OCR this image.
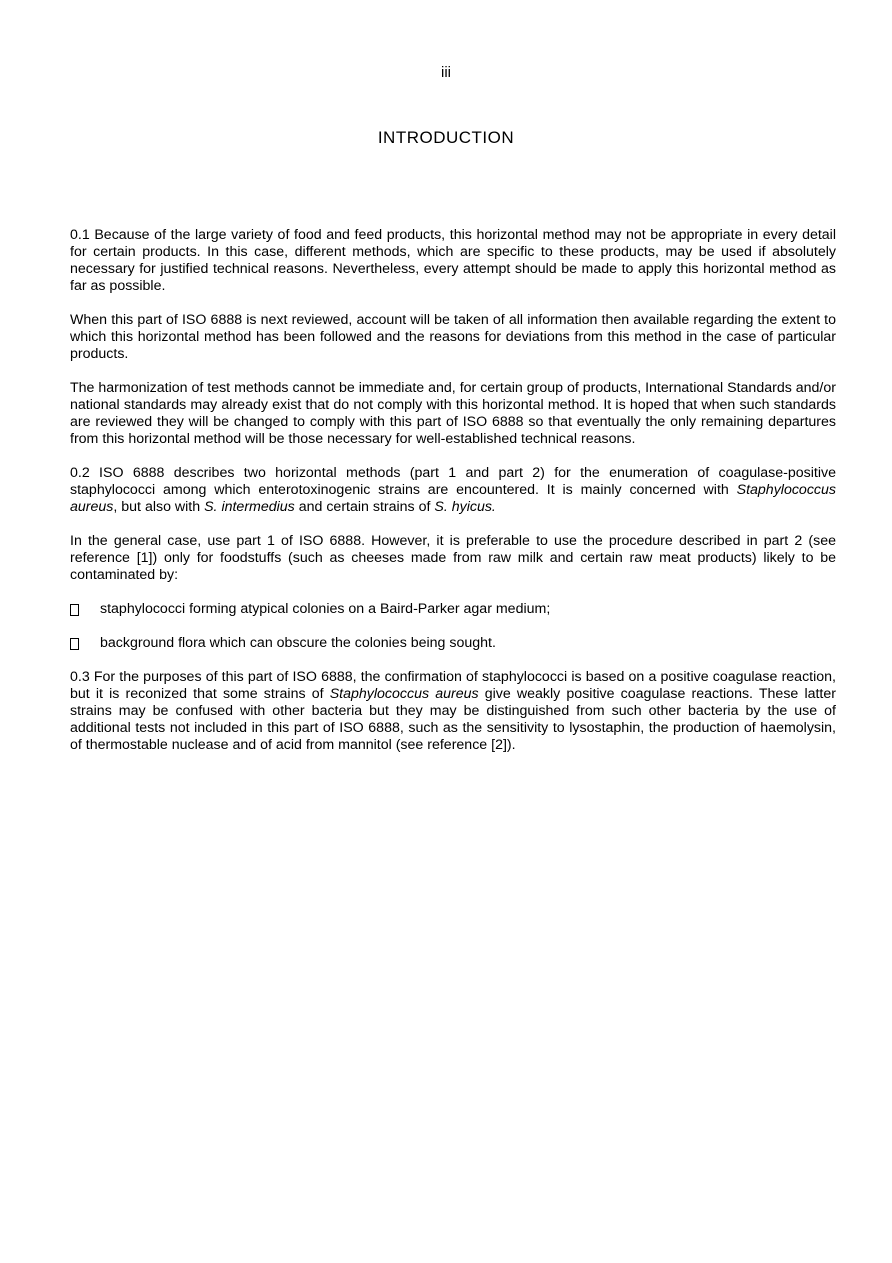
iii
INTRODUCTION

0.1 Because of the large variety of food and feed products, this horizontal method may not be appropriate in every detail for certain products. In this case, different methods, which are specific to these products, may be used if absolutely necessary for justified technical reasons. Nevertheless, every attempt should be made to apply this horizontal method as far as possible.

When this part of ISO 6888 is next reviewed, account will be taken of all information then available regarding the extent to which this horizontal method has been followed and the reasons for deviations from this method in the case of particular products.

The harmonization of test methods cannot be immediate and, for certain group of products, International Standards and/or national standards may already exist that do not comply with this horizontal method. It is hoped that when such standards are reviewed they will be changed to comply with this part of ISO 6888 so that eventually the only remaining departures from this horizontal method will be those necessary for well-established technical reasons.

0.2 ISO 6888 describes two horizontal methods (part 1 and part 2) for the enumeration of coagulase-positive staphylococci among which enterotoxinogenic strains are encountered. It is mainly concerned with Staphylococcus aureus, but also with S. intermedius and certain strains of S. hyicus.

In the general case, use part 1 of ISO 6888. However, it is preferable to use the procedure described in part 2 (see reference [1]) only for foodstuffs (such as cheeses made from raw milk and certain raw meat products) likely to be contaminated by:

staphylococci forming atypical colonies on a Baird-Parker agar medium;
background flora which can obscure the colonies being sought.

0.3 For the purposes of this part of ISO 6888, the confirmation of staphylococci is based on a positive coagulase reaction, but it is reconized that some strains of Staphylococcus aureus give weakly positive coagulase reactions. These latter strains may be confused with other bacteria but they may be distinguished from such other bacteria by the use of additional tests not included in this part of ISO 6888, such as the sensitivity to lysostaphin, the production of haemolysin, of thermostable nuclease and of acid from mannitol (see reference [2]).
